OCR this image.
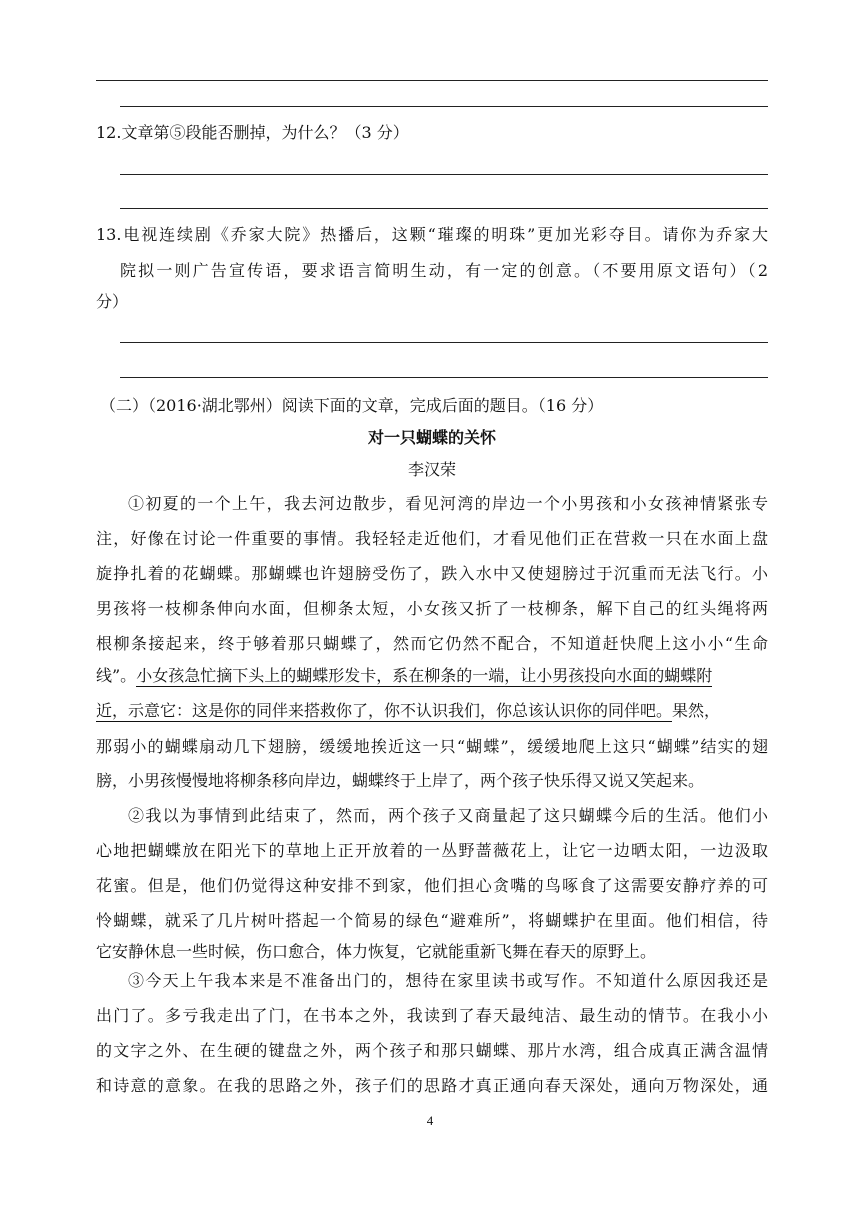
12.文章第⑤段能否删掉，为什么？（3 分）
13.电视连续剧《乔家大院》热播后，这颗“璀璨的明珠”更加光彩夺目。请你为乔家大
院拟一则广告宣传语，要求语言简明生动，有一定的创意。（不要用原文语句）（2
分）
（二）（2016·湖北鄂州）阅读下面的文章，完成后面的题目。（16 分）
对一只蝴蝶的关怀
李汉荣
①初夏的一个上午，我去河边散步，看见河湾的岸边一个小男孩和小女孩神情紧张专
注，好像在讨论一件重要的事情。我轻轻走近他们，才看见他们正在营救一只在水面上盘
旋挣扎着的花蝴蝶。那蝴蝶也许翅膀受伤了，跌入水中又使翅膀过于沉重而无法飞行。小
男孩将一枝柳条伸向水面，但柳条太短，小女孩又折了一枝柳条，解下自己的红头绳将两
根柳条接起来，终于够着那只蝴蝶了，然而它仍然不配合，不知道赶快爬上这小小“生命
线”。小女孩急忙摘下头上的蝴蝶形发卡，系在柳条的一端，让小男孩投向水面的蝴蝶附
近，示意它：这是你的同伴来搭救你了，你不认识我们，你总该认识你的同伴吧。果然，
那弱小的蝴蝶扇动几下翅膀，缓缓地挨近这一只“蝴蝶”，缓缓地爬上这只“蝴蝶”结实的翅
膀，小男孩慢慢地将柳条移向岸边，蝴蝶终于上岸了，两个孩子快乐得又说又笑起来。
②我以为事情到此结束了，然而，两个孩子又商量起了这只蝴蝶今后的生活。他们小
心地把蝴蝶放在阳光下的草地上正开放着的一丛野蔷薇花上，让它一边晒太阳，一边汲取
花蜜。但是，他们仍觉得这种安排不到家，他们担心贪嘴的鸟啄食了这需要安静疗养的可
怜蝴蝶，就采了几片树叶搭起一个简易的绿色“避难所”，将蝴蝶护在里面。他们相信，待
它安静休息一些时候，伤口愈合，体力恢复，它就能重新飞舞在春天的原野上。
③今天上午我本来是不准备出门的，想待在家里读书或写作。不知道什么原因我还是
出门了。多亏我走出了门，在书本之外，我读到了春天最纯洁、最生动的情节。在我小小
的文字之外、在生硬的键盘之外，两个孩子和那只蝴蝶、那片水湾，组合成真正满含温情
和诗意的意象。在我的思路之外，孩子们的思路才真正通向春天深处，通向万物深处，通
4
